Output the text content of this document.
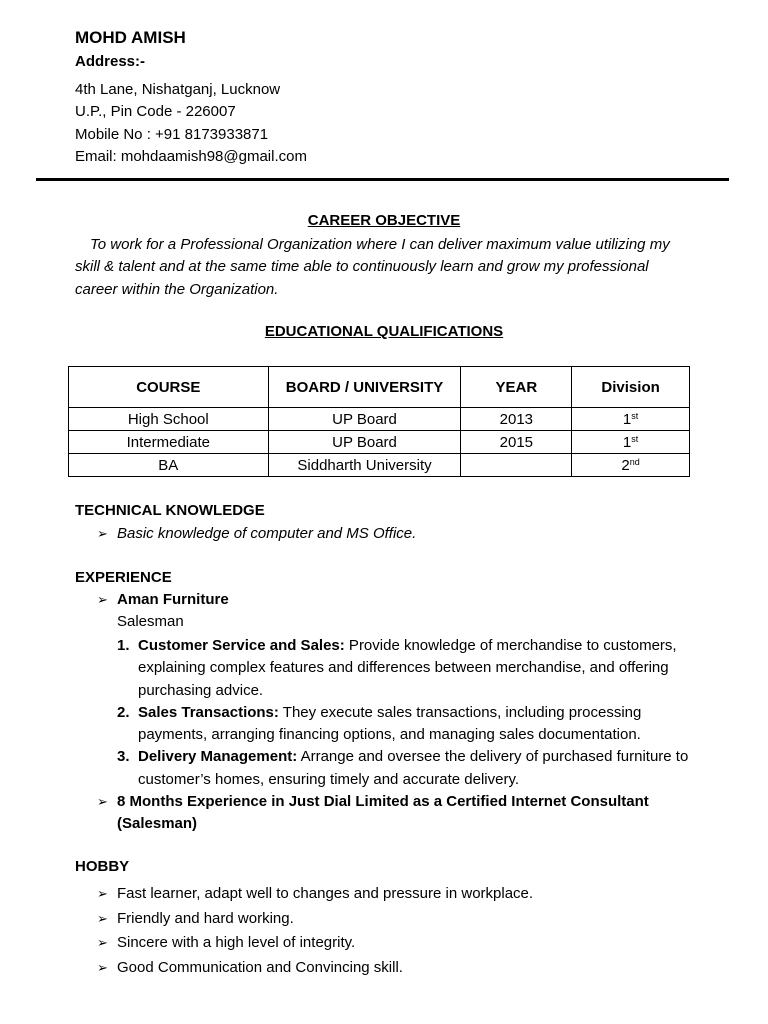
MOHD AMISH
Address:-
4th Lane, Nishatganj, Lucknow
U.P., Pin Code - 226007
Mobile No : +91 8173933871
Email: mohdaamish98@gmail.com
CAREER OBJECTIVE
To work for a Professional Organization where I can deliver maximum value utilizing my skill & talent and at the same time able to continuously learn and grow my professional career within the Organization.
EDUCATIONAL QUALIFICATIONS
COURSE	BOARD / UNIVERSITY	YEAR	Division
High School	UP Board	2013	1st
Intermediate	UP Board	2015	1st
BA	Siddharth University		2nd
TECHNICAL KNOWLEDGE
➢ Basic knowledge of computer and MS Office.
EXPERIENCE
➢ Aman Furniture
Salesman
1. Customer Service and Sales: Provide knowledge of merchandise to customers, explaining complex features and differences between merchandise, and offering purchasing advice.
2. Sales Transactions: They execute sales transactions, including processing payments, arranging financing options, and managing sales documentation.
3. Delivery Management: Arrange and oversee the delivery of purchased furniture to customer’s homes, ensuring timely and accurate delivery.
➢ 8 Months Experience in Just Dial Limited as a Certified Internet Consultant (Salesman)
HOBBY
➢ Fast learner, adapt well to changes and pressure in workplace.
➢ Friendly and hard working.
➢ Sincere with a high level of integrity.
➢ Good Communication and Convincing skill.
